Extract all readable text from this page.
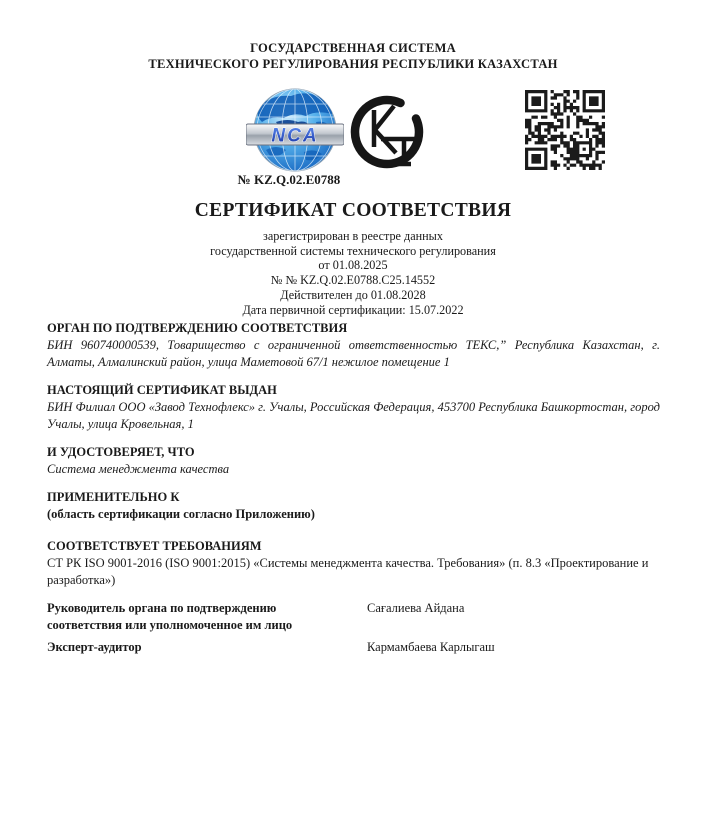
ГОСУДАРСТВЕННАЯ СИСТЕМА
ТЕХНИЧЕСКОГО РЕГУЛИРОВАНИЯ РЕСПУБЛИКИ КАЗАХСТАН
NCA
№ KZ.Q.02.E0788
СЕРТИФИКАТ СООТВЕТСТВИЯ
зарегистрирован в реестре данных
государственной системы технического регулирования
от 01.08.2025
№ № KZ.Q.02.E0788.C25.14552
Действителен до 01.08.2028
Дата первичной сертификации: 15.07.2022
ОРГАН ПО ПОДТВЕРЖДЕНИЮ СООТВЕТСТВИЯ
БИН 960740000539, Товарищество с ограниченной ответственностью ТЕКС,” Республика Казахстан, г. Алматы, Алмалинский район, улица Маметовой 67/1 нежилое помещение 1
НАСТОЯЩИЙ СЕРТИФИКАТ ВЫДАН
БИН Филиал ООО «Завод Технофлекс» г. Учалы, Российская Федерация, 453700 Республика Башкортостан, город Учалы, улица Кровельная, 1
И УДОСТОВЕРЯЕТ, ЧТО
Система менеджмента качества
ПРИМЕНИТЕЛЬНО К
(область сертификации согласно Приложению)
СООТВЕТСТВУЕТ ТРЕБОВАНИЯМ
СТ РК ISO 9001-2016 (ISO 9001:2015) «Системы менеджмента качества. Требования» (п. 8.3 «Проектирование и разработка»)
Руководитель органа по подтверждению соответствия или уполномоченное им лицо
Сағалиева Айдана
Эксперт-аудитор	Кармамбаева Карлыгаш
